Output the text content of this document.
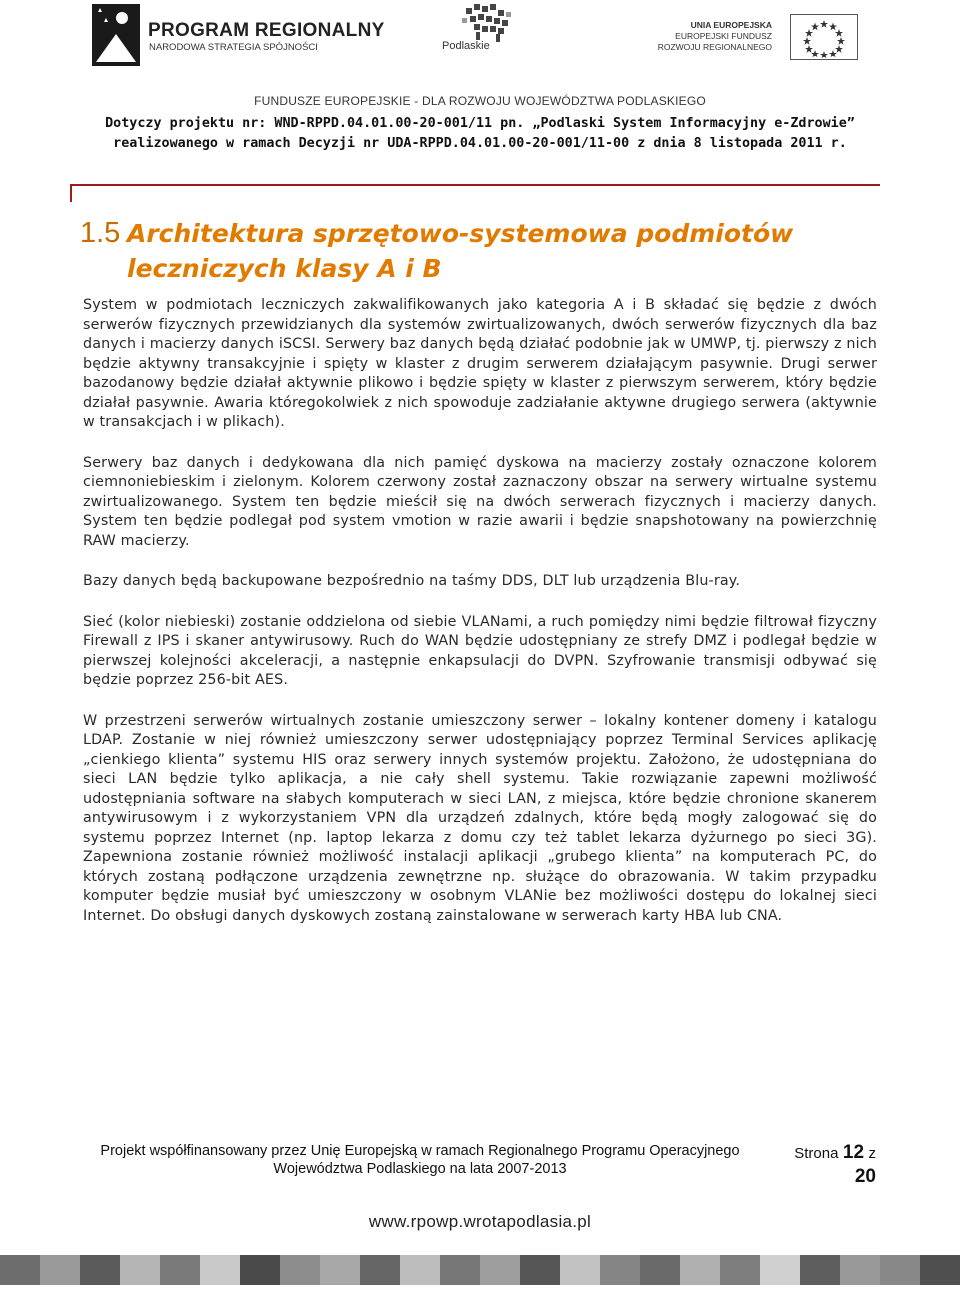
PROGRAM REGIONALNY
NARODOWA STRATEGIA SPÓJNOŚCI	Podlaskie
UNIA EUROPEJSKA
EUROPEJSKI FUNDUSZ
ROZWOJU REGIONALNEGO
FUNDUSZE EUROPEJSKIE - DLA ROZWOJU WOJEWÓDZTWA PODLASKIEGO
Dotyczy projektu nr: WND-RPPD.04.01.00-20-001/11 pn. „Podlaski System Informacyjny e-Zdrowie” realizowanego w ramach Decyzji nr UDA-RPPD.04.01.00-20-001/11-00 z dnia 8 listopada 2011 r.
1.5 Architektura sprzętowo-systemowa podmiotów leczniczych klasy A i B

System w podmiotach leczniczych zakwalifikowanych jako kategoria A i B składać się będzie z dwóch serwerów fizycznych przewidzianych dla systemów zwirtualizowanych, dwóch serwerów fizycznych dla baz danych i macierzy danych iSCSI. Serwery baz danych będą działać podobnie jak w UMWP, tj. pierwszy z nich będzie aktywny transakcyjnie i spięty w klaster z drugim serwerem działającym pasywnie. Drugi serwer bazodanowy będzie działał aktywnie plikowo i będzie spięty w klaster z pierwszym serwerem, który będzie działał pasywnie. Awaria któregokolwiek z nich spowoduje zadziałanie aktywne drugiego serwera (aktywnie w transakcjach i w plikach).

Serwery baz danych i dedykowana dla nich pamięć dyskowa na macierzy zostały oznaczone kolorem ciemnoniebieskim i zielonym. Kolorem czerwony został zaznaczony obszar na serwery wirtualne systemu zwirtualizowanego. System ten będzie mieścił się na dwóch serwerach fizycznych i macierzy danych. System ten będzie podlegał pod system vmotion w razie awarii i będzie snapshotowany na powierzchnię RAW macierzy.

Bazy danych będą backupowane bezpośrednio na taśmy DDS, DLT lub urządzenia Blu-ray.

Sieć (kolor niebieski) zostanie oddzielona od siebie VLANami, a ruch pomiędzy nimi będzie filtrował fizyczny Firewall z IPS i skaner antywirusowy. Ruch do WAN będzie udostępniany ze strefy DMZ i podlegał będzie w pierwszej kolejności akceleracji, a następnie enkapsulacji do DVPN. Szyfrowanie transmisji odbywać się będzie poprzez 256-bit AES.

W przestrzeni serwerów wirtualnych zostanie umieszczony serwer – lokalny kontener domeny i katalogu LDAP. Zostanie w niej również umieszczony serwer udostępniający poprzez Terminal Services aplikację „cienkiego klienta” systemu HIS oraz serwery innych systemów projektu. Założono, że udostępniana do sieci LAN będzie tylko aplikacja, a nie cały shell systemu. Takie rozwiązanie zapewni możliwość udostępniania software na słabych komputerach w sieci LAN, z miejsca, które będzie chronione skanerem antywirusowym i z wykorzystaniem VPN dla urządzeń zdalnych, które będą mogły zalogować się do systemu poprzez Internet (np. laptop lekarza z domu czy też tablet lekarza dyżurnego po sieci 3G). Zapewniona zostanie również możliwość instalacji aplikacji „grubego klienta” na komputerach PC, do których zostaną podłączone urządzenia zewnętrzne np. służące do obrazowania. W takim przypadku komputer będzie musiał być umieszczony w osobnym VLANie bez możliwości dostępu do lokalnej sieci Internet. Do obsługi danych dyskowych zostaną zainstalowane w serwerach karty HBA lub CNA.

Projekt współfinansowany przez Unię Europejską w ramach Regionalnego Programu Operacyjnego Województwa Podlaskiego na lata 2007-2013
Strona 12 z
20
www.rpowp.wrotapodlasia.pl
